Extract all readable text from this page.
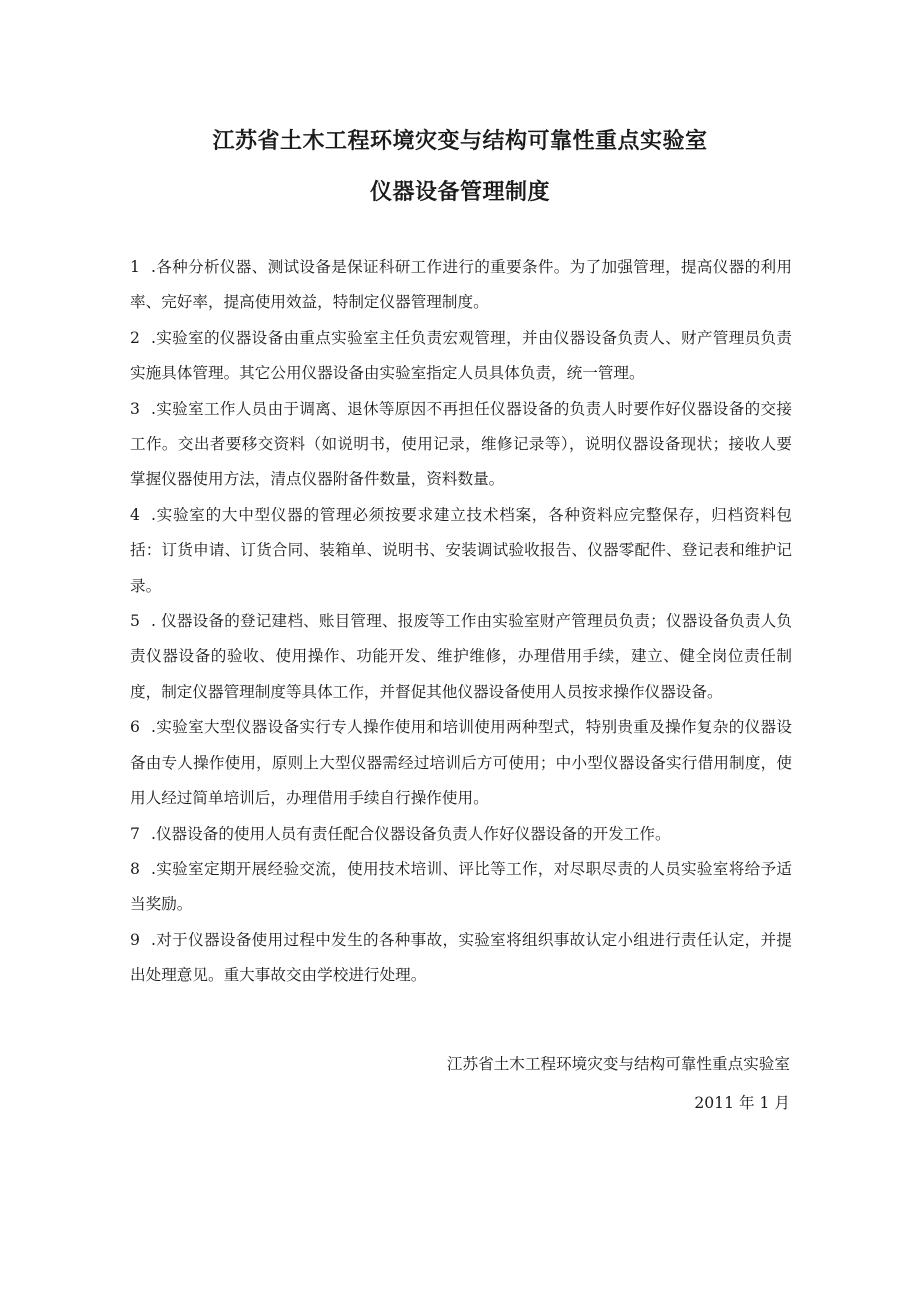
江苏省土木工程环境灾变与结构可靠性重点实验室
仪器设备管理制度

1 .各种分析仪器、测试设备是保证科研工作进行的重要条件。为了加强管理，提高仪器的利用率、完好率，提高使用效益，特制定仪器管理制度。

2 .实验室的仪器设备由重点实验室主任负责宏观管理，并由仪器设备负责人、财产管理员负责实施具体管理。其它公用仪器设备由实验室指定人员具体负责，统一管理。

3 .实验室工作人员由于调离、退休等原因不再担任仪器设备的负责人时要作好仪器设备的交接工作。交出者要移交资料（如说明书，使用记录，维修记录等），说明仪器设备现状；接收人要掌握仪器使用方法，清点仪器附备件数量，资料数量。

4 .实验室的大中型仪器的管理必须按要求建立技术档案，各种资料应完整保存，归档资料包括：订货申请、订货合同、装箱单、说明书、安装调试验收报告、仪器零配件、登记表和维护记录。

5 . 仪器设备的登记建档、账目管理、报废等工作由实验室财产管理员负责；仪器设备负责人负责仪器设备的验收、使用操作、功能开发、维护维修，办理借用手续，建立、健全岗位责任制度，制定仪器管理制度等具体工作，并督促其他仪器设备使用人员按求操作仪器设备。

6 .实验室大型仪器设备实行专人操作使用和培训使用两种型式，特别贵重及操作复杂的仪器设备由专人操作使用，原则上大型仪器需经过培训后方可使用；中小型仪器设备实行借用制度，使用人经过简单培训后，办理借用手续自行操作使用。

7 .仪器设备的使用人员有责任配合仪器设备负责人作好仪器设备的开发工作。

8 .实验室定期开展经验交流，使用技术培训、评比等工作，对尽职尽责的人员实验室将给予适当奖励。

9 .对于仪器设备使用过程中发生的各种事故，实验室将组织事故认定小组进行责任认定，并提出处理意见。重大事故交由学校进行处理。

江苏省土木工程环境灾变与结构可靠性重点实验室
2011 年 1 月
